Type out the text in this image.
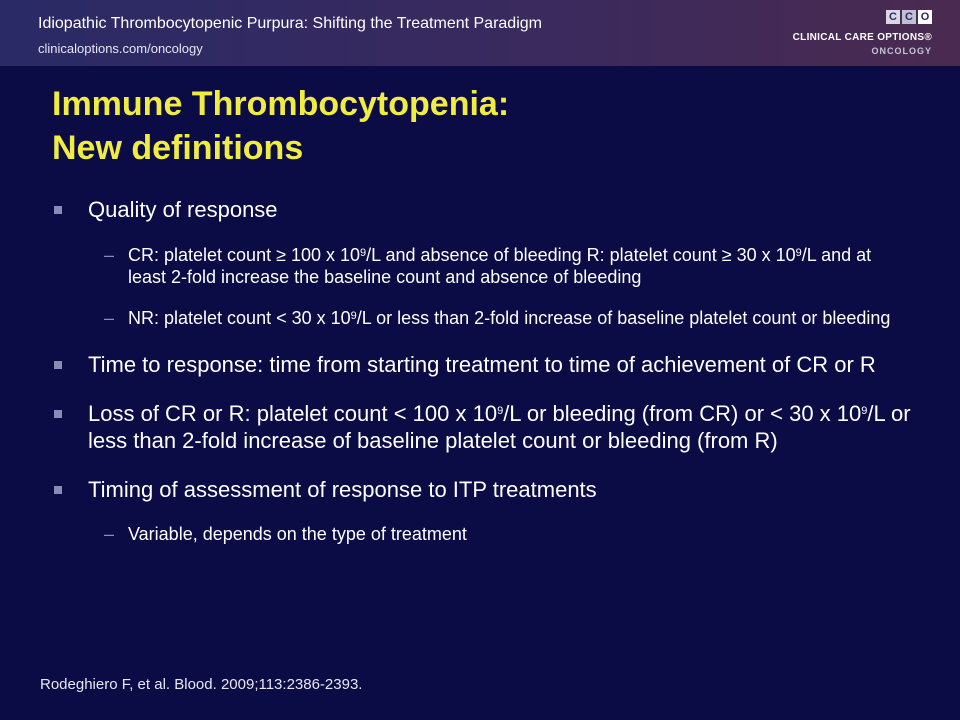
Idiopathic Thrombocytopenic Purpura: Shifting the Treatment Paradigm
clinicaloptions.com/oncology
C C O
CLINICAL CARE OPTIONS®
ONCOLOGY
Immune Thrombocytopenia:
New definitions
Quality of response
– CR: platelet count ≥ 100 x $10^9/L$ and absence of bleeding R: platelet count ≥ 30 x $10^9/L$ and at least 2-fold increase the baseline count and absence of bleeding
– NR: platelet count < 30 x $10^9/L$ or less than 2-fold increase of baseline platelet count or bleeding
Time to response: time from starting treatment to time of achievement of CR or R
Loss of CR or R: platelet count < 100 x $10^9/L$ or bleeding (from CR) or < 30 x $10^9/L$ or less than 2-fold increase of baseline platelet count or bleeding (from R)
Timing of assessment of response to ITP treatments
– Variable, depends on the type of treatment
Rodeghiero F, et al. Blood. 2009;113:2386-2393.
